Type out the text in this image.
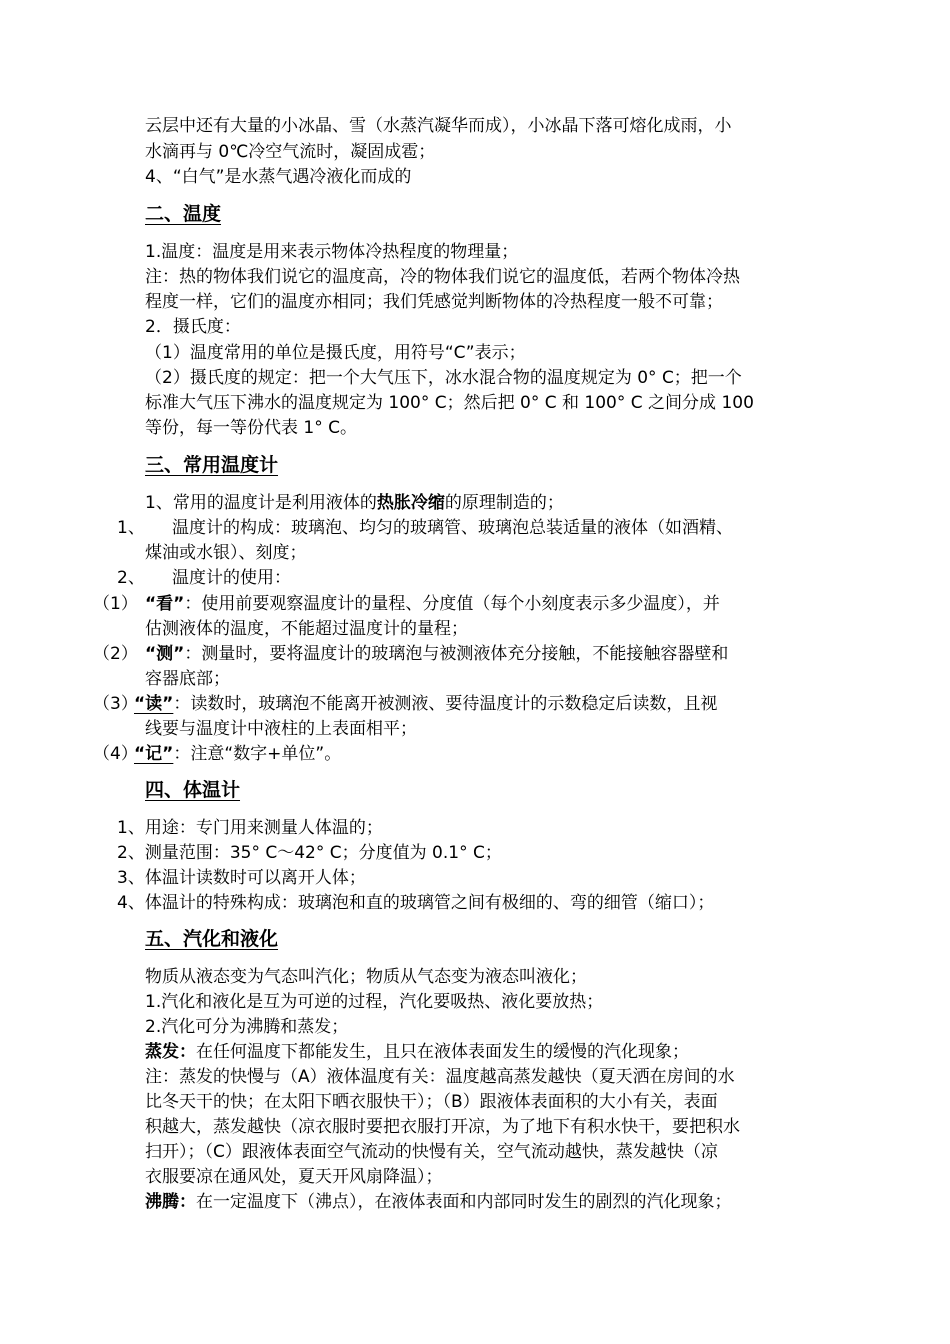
云层中还有大量的小冰晶、雪（水蒸汽凝华而成），小冰晶下落可熔化成雨，小
水滴再与 0℃冷空气流时，凝固成雹；
4、“白气”是水蒸气遇冷液化而成的
二、温度
1.温度：温度是用来表示物体冷热程度的物理量；
注：热的物体我们说它的温度高，冷的物体我们说它的温度低，若两个物体冷热
程度一样，它们的温度亦相同；我们凭感觉判断物体的冷热程度一般不可靠；
2．摄氏度：
（1）温度常用的单位是摄氏度，用符号“C”表示；
（2）摄氏度的规定：把一个大气压下，冰水混合物的温度规定为 0° C；把一个
标准大气压下沸水的温度规定为 100° C；然后把 0° C 和 100° C 之间分成 100
等份，每一等份代表 1° C。
三、常用温度计
1、常用的温度计是利用液体的热胀冷缩的原理制造的；
1、 温度计的构成：玻璃泡、均匀的玻璃管、玻璃泡总装适量的液体（如酒精、
煤油或水银）、刻度；
2、 温度计的使用：
（1） “看”：使用前要观察温度计的量程、分度值（每个小刻度表示多少温度），并
估测液体的温度，不能超过温度计的量程；
（2） “测”：测量时，要将温度计的玻璃泡与被测液体充分接触，不能接触容器壁和
容器底部；
（3）
“读”：读数时，玻璃泡不能离开被测液、要待温度计的示数稳定后读数，且视
线要与温度计中液柱的上表面相平；
（4）
“记”：注意“数字+单位”。
四、体温计
1、用途：专门用来测量人体温的；
2、测量范围：35° C～42° C；分度值为 0.1° C；
3、体温计读数时可以离开人体；
4、体温计的特殊构成：玻璃泡和直的玻璃管之间有极细的、弯的细管（缩口）；
五、汽化和液化
物质从液态变为气态叫汽化；物质从气态变为液态叫液化；
1.汽化和液化是互为可逆的过程，汽化要吸热、液化要放热；
2.汽化可分为沸腾和蒸发；
蒸发：在任何温度下都能发生，且只在液体表面发生的缓慢的汽化现象；
注：蒸发的快慢与（A）液体温度有关：温度越高蒸发越快（夏天洒在房间的水
比冬天干的快；在太阳下晒衣服快干）；（B）跟液体表面积的大小有关，表面
积越大，蒸发越快（凉衣服时要把衣服打开凉，为了地下有积水快干，要把积水
扫开）；（C）跟液体表面空气流动的快慢有关，空气流动越快，蒸发越快（凉
衣服要凉在通风处，夏天开风扇降温）；
沸腾：在一定温度下（沸点），在液体表面和内部同时发生的剧烈的汽化现象；
